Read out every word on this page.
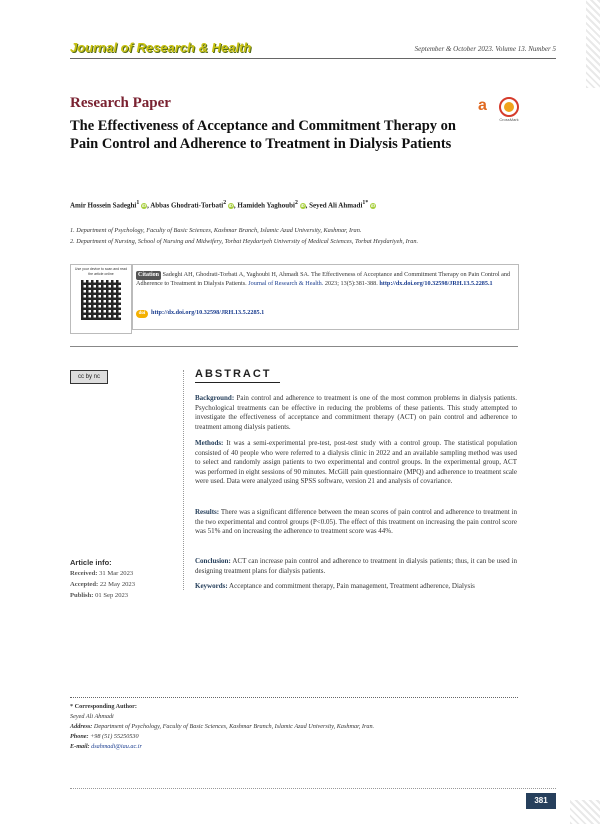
Journal of Research & Health	September & October 2023. Volume 13. Number 5
Research Paper
The Effectiveness of Acceptance and Commitment Therapy on Pain Control and Adherence to Treatment in Dialysis Patients
a
CrossMark
Amir Hossein Sadeghi$^1$ iD, Abbas Ghodrati-Torbati$^2$ iD, Hamideh Yaghoubi$^2$ iD, Seyed Ali Ahmadi$^{1*}$ iD
1. Department of Psychology, Faculty of Basic Sciences, Kashmar Branch, Islamic Azad University, Kashmar, Iran.
2. Department of Nursing, School of Nursing and Midwifery, Torbat Heydariyeh University of Medical Sciences, Torbat Heydariyeh, Iran.
Use your device to scan and read the article online	Citation Sadeghi AH, Ghodrati-Torbati A, Yaghoubi H, Ahmadi SA. The Effectiveness of Acceptance and Commitment Therapy on Pain Control and Adherence to Treatment in Dialysis Patients. Journal of Research & Health. 2023; 13(5):381-388. http://dx.doi.org/10.32598/JRH.13.5.2285.1
doi http://dx.doi.org/10.32598/JRH.13.5.2285.1
cc by nc	ABSTRACT
Background: Pain control and adherence to treatment is one of the most common problems in dialysis patients. Psychological treatments can be effective in reducing the problems of these patients. This study attempted to investigate the effectiveness of acceptance and commitment therapy (ACT) on pain control and adherence to treatment among dialysis patients.
Methods: It was a semi-experimental pre-test, post-test study with a control group. The statistical population consisted of 40 people who were referred to a dialysis clinic in 2022 and an available sampling method was used to select and randomly assign patients to two experimental and control groups. In the experimental group, ACT was performed in eight sessions of 90 minutes. McGill pain questionnaire (MPQ) and adherence to treatment scale were used. Data were analyzed using SPSS software, version 21 and analysis of covariance.
Results: There was a significant difference between the mean scores of pain control and adherence to treatment in the two experimental and control groups (P<0.05). The effect of this treatment on increasing the pain control score was 51% and on increasing the adherence to treatment score was 44%.
Conclusion: ACT can increase pain control and adherence to treatment in dialysis patients; thus, it can be used in designing treatment plans for dialysis patients.
Keywords: Acceptance and commitment therapy, Pain management, Treatment adherence, Dialysis
Article info:
Received: 31 Mar 2023
Accepted: 22 May 2023
Publish: 01 Sep 2023
* Corresponding Author:
Seyed Ali Ahmadi
Address: Department of Psychology, Faculty of Basic Sciences, Kashmar Branch, Islamic Azad University, Kashmar, Iran.
Phone: +98 (51) 55250530
E-mail: dsahmadi@iau.ac.ir
381
